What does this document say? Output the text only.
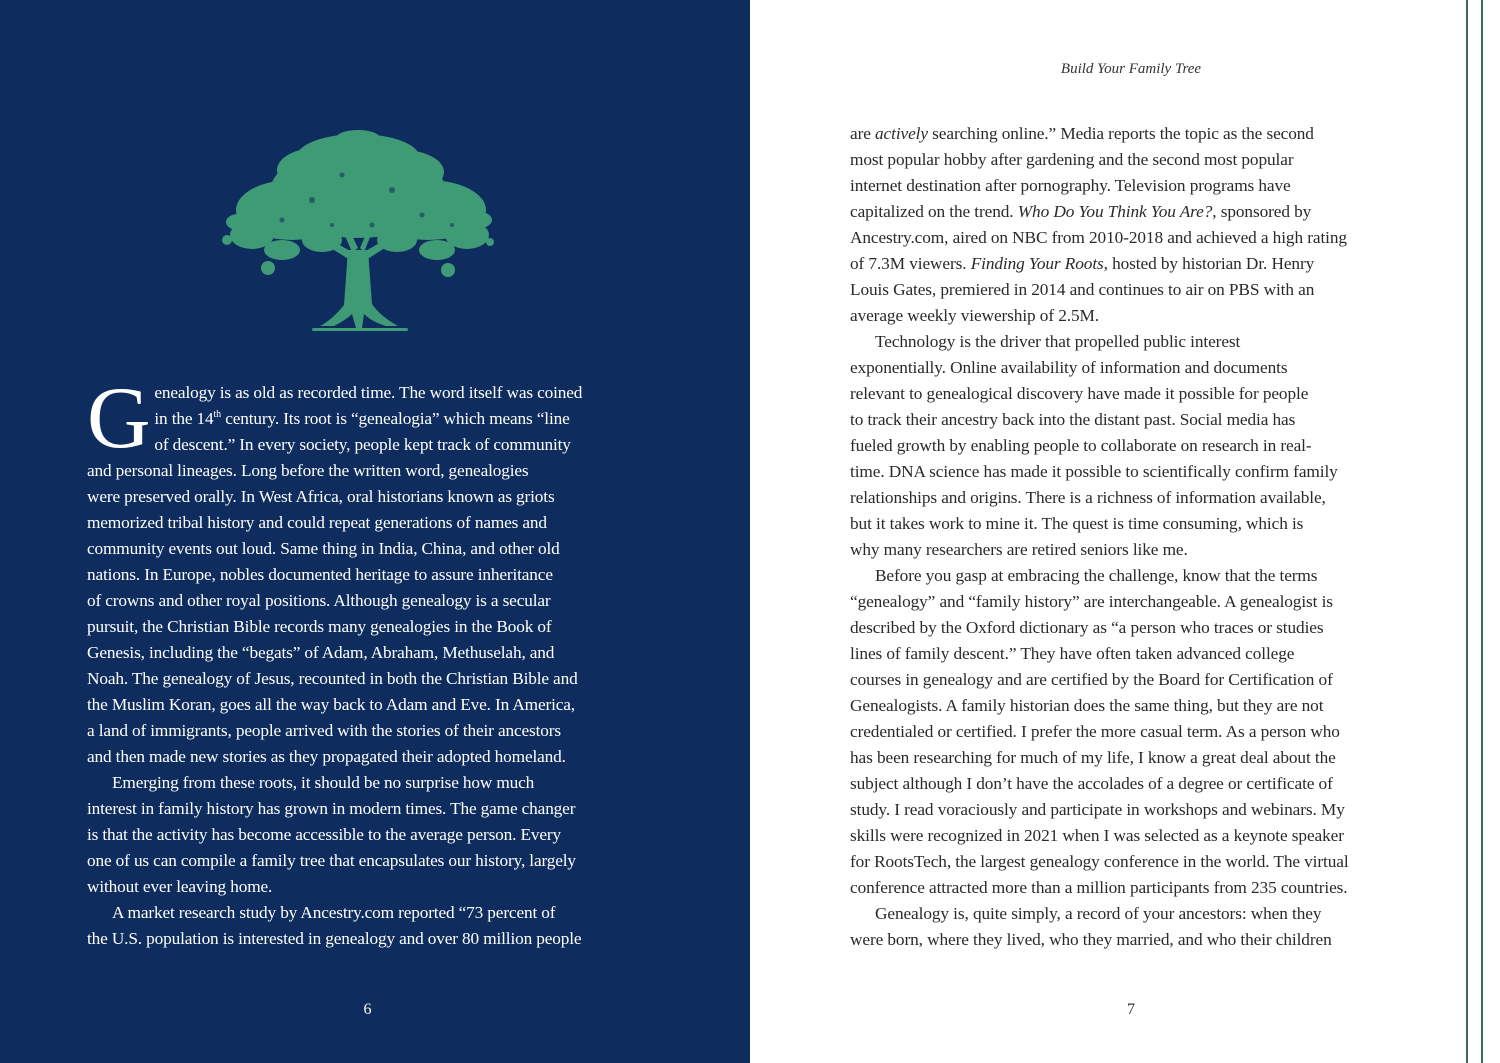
G enealogy is as old as recorded time. The word itself was coined
in the 14th century. Its root is “genealogia” which means “line
of descent.” In every society, people kept track of community
and personal lineages. Long before the written word, genealogies
were preserved orally. In West Africa, oral historians known as griots
memorized tribal history and could repeat generations of names and
community events out loud. Same thing in India, China, and other old
nations. In Europe, nobles documented heritage to assure inheritance
of crowns and other royal positions. Although genealogy is a secular
pursuit, the Christian Bible records many genealogies in the Book of
Genesis, including the “begats” of Adam, Abraham, Methuselah, and
Noah. The genealogy of Jesus, recounted in both the Christian Bible and
the Muslim Koran, goes all the way back to Adam and Eve. In America,
a land of immigrants, people arrived with the stories of their ancestors
and then made new stories as they propagated their adopted homeland.

Emerging from these roots, it should be no surprise how much
interest in family history has grown in modern times. The game changer
is that the activity has become accessible to the average person. Every
one of us can compile a family tree that encapsulates our history, largely
without ever leaving home.

A market research study by Ancestry.com reported “73 percent of
the U.S. population is interested in genealogy and over 80 million people

6
Build Your Family Tree

are actively searching online.” Media reports the topic as the second
most popular hobby after gardening and the second most popular
internet destination after pornography. Television programs have
capitalized on the trend. Who Do You Think You Are?, sponsored by
Ancestry.com, aired on NBC from 2010-2018 and achieved a high rating
of 7.3M viewers. Finding Your Roots, hosted by historian Dr. Henry
Louis Gates, premiered in 2014 and continues to air on PBS with an
average weekly viewership of 2.5M.

Technology is the driver that propelled public interest
exponentially. Online availability of information and documents
relevant to genealogical discovery have made it possible for people
to track their ancestry back into the distant past. Social media has
fueled growth by enabling people to collaborate on research in real-
time. DNA science has made it possible to scientifically confirm family
relationships and origins. There is a richness of information available,
but it takes work to mine it. The quest is time consuming, which is
why many researchers are retired seniors like me.

Before you gasp at embracing the challenge, know that the terms
“genealogy” and “family history” are interchangeable. A genealogist is
described by the Oxford dictionary as “a person who traces or studies
lines of family descent.” They have often taken advanced college
courses in genealogy and are certified by the Board for Certification of
Genealogists. A family historian does the same thing, but they are not
credentialed or certified. I prefer the more casual term. As a person who
has been researching for much of my life, I know a great deal about the
subject although I don’t have the accolades of a degree or certificate of
study. I read voraciously and participate in workshops and webinars. My
skills were recognized in 2021 when I was selected as a keynote speaker
for RootsTech, the largest genealogy conference in the world. The virtual
conference attracted more than a million participants from 235 countries.

Genealogy is, quite simply, a record of your ancestors: when they
were born, where they lived, who they married, and who their children

7
